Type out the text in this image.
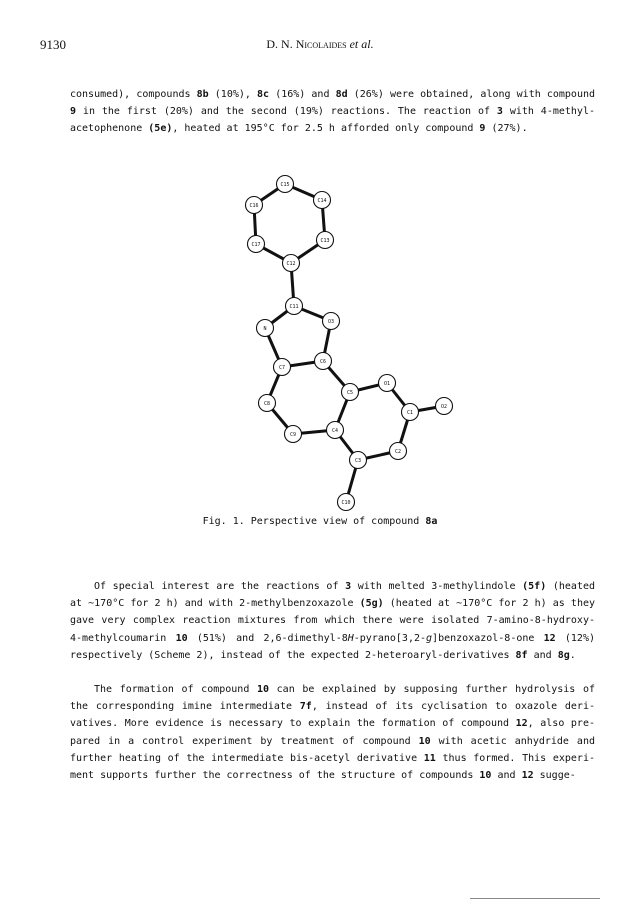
9130	D. N. Nicolaides et al.
consumed), compounds 8b (10%), 8c (16%) and 8d (26%) were obtained, along with compound
9 in the first (20%) and the second (19%) reactions. The reaction of 3 with 4-methyl-
acetophenone (5e), heated at 195°C for 2.5 h afforded only compound 9 (27%).
C15
C14
C16
C13
C17
C12
C11
N
O3
C6
C7
C5
O1
C8
C1
O2
C4
C9
C2
C3
C10
Fig. 1. Perspective view of compound 8a
Of special interest are the reactions of 3 with melted 3-methylindole (5f) (heated
at ~170°C for 2 h) and with 2-methylbenzoxazole (5g) (heated at ~170°C for 2 h) as they
gave very complex reaction mixtures from which there were isolated 7-amino-8-hydroxy-
4-methylcoumarin 10 (51%) and 2,6-dimethyl-8H-pyrano[3,2-g]benzoxazol-8-one 12 (12%)
respectively (Scheme 2), instead of the expected 2-heteroaryl-derivatives 8f and 8g.
The formation of compound 10 can be explained by supposing further hydrolysis of
the corresponding imine intermediate 7f, instead of its cyclisation to oxazole deri-
vatives. More evidence is necessary to explain the formation of compound 12, also pre-
pared in a control experiment by treatment of compound 10 with acetic anhydride and
further heating of the intermediate bis-acetyl derivative 11 thus formed. This experi-
ment supports further the correctness of the structure of compounds 10 and 12 sugge-
